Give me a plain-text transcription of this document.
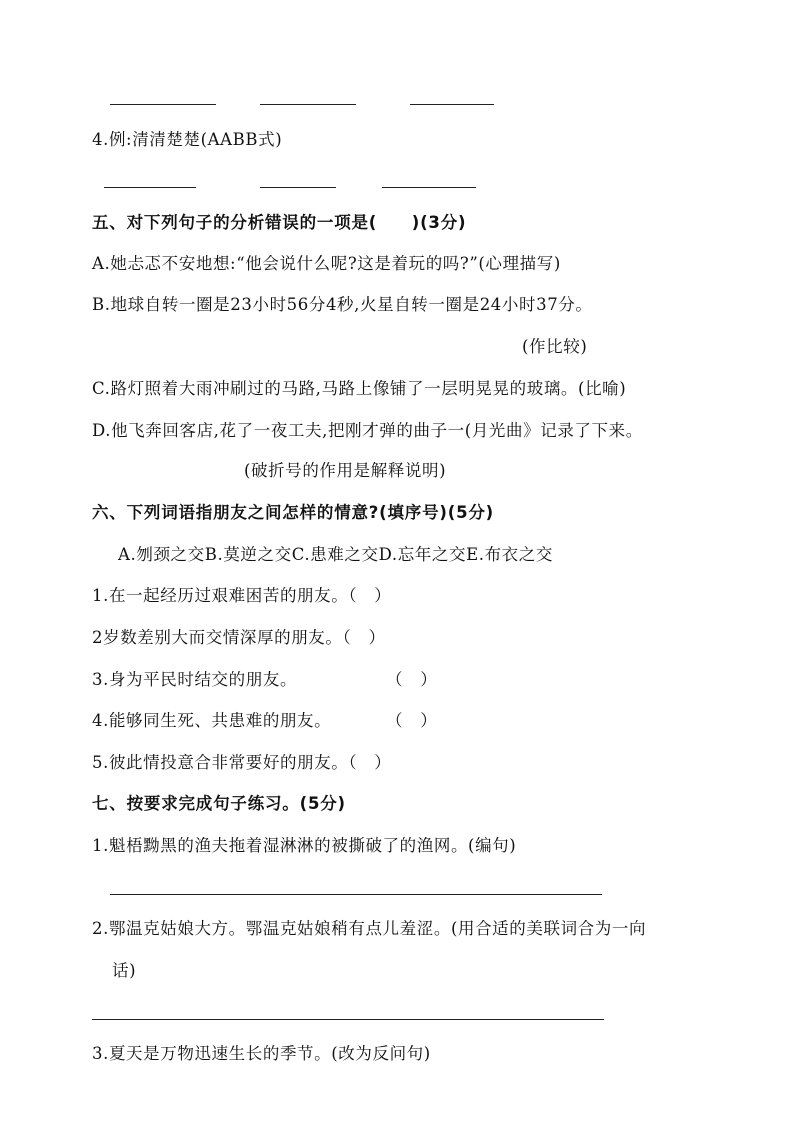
4.例:清清楚楚(AABB式)
五、对下列句子的分析错误的一项是(　　)(3分)
A.她忐忑不安地想:“他会说什么呢?这是着玩的吗?”(心理描写)
B.地球自转一圈是23小时56分4秒,火星自转一圈是24小时37分。
(作比较)
C.路灯照着大雨冲刷过的马路,马路上像铺了一层明晃晃的玻璃。(比喻)
D.他飞奔回客店,花了一夜工夫,把刚才弹的曲子一(月光曲》记录了下来。
(破折号的作用是解释说明)
六、下列词语指朋友之间怎样的情意?(填序号)(5分)
A.刎颈之交B.莫逆之交C.患难之交D.忘年之交E.布衣之交
1.在一起经历过艰难困苦的朋友。（　）
2岁数差别大而交情深厚的朋友。（　）
3.身为平民时结交的朋友。	（　）
4.能够同生死、共患难的朋友。	（　）
5.彼此情投意合非常要好的朋友。（　）
七、按要求完成句子练习。(5分)
1.魁梧黝黑的渔夫拖着湿淋淋的被撕破了的渔网。(编句)
2.鄂温克姑娘大方。鄂温克姑娘稍有点儿羞涩。(用合适的美联词合为一向
话)
3.夏天是万物迅速生长的季节。(改为反问句)
